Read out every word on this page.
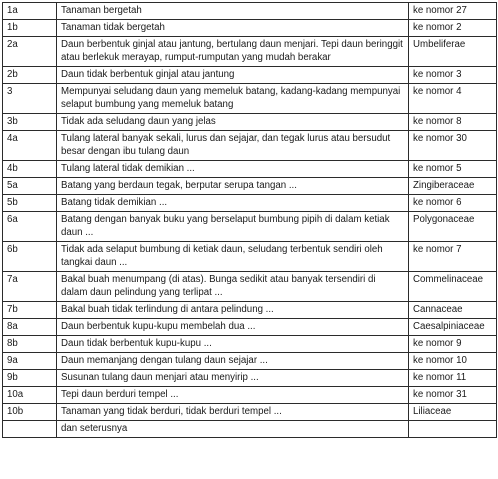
1a	Tanaman bergetah	ke nomor 27
1b	Tanaman tidak bergetah	ke nomor 2
2a	Daun berbentuk ginjal atau jantung, bertulang daun menjari. Tepi daun beringgit atau berlekuk merayap, rumput-rumputan yang mudah berakar	Umbeliferae
2b	Daun tidak berbentuk ginjal atau jantung	ke nomor 3
3	Mempunyai seludang daun yang memeluk batang, kadang-kadang mempunyai selaput bumbung yang memeluk batang	ke nomor 4
3b	Tidak ada seludang daun yang jelas	ke nomor 8
4a	Tulang lateral banyak sekali, lurus dan sejajar, dan tegak lurus atau bersudut besar dengan ibu tulang daun	ke nomor 30
4b	Tulang lateral tidak demikian ...	ke nomor 5
5a	Batang yang berdaun tegak, berputar serupa tangan ...	Zingiberaceae
5b	Batang tidak demikian ...	ke nomor 6
6a	Batang dengan banyak buku yang berselaput bumbung pipih di dalam ketiak daun ...	Polygonaceae
6b	Tidak ada selaput bumbung di ketiak daun, seludang terbentuk sendiri oleh tangkai daun ...	ke nomor 7
7a	Bakal buah menumpang (di atas). Bunga sedikit atau banyak tersendiri di dalam daun pelindung yang terlipat ...	Commelinaceae
7b	Bakal buah tidak terlindung di antara pelindung ...	Cannaceae
8a	Daun berbentuk kupu-kupu membelah dua ...	Caesalpiniaceae
8b	Daun tidak berbentuk kupu-kupu ...	ke nomor 9
9a	Daun memanjang dengan tulang daun sejajar ...	ke nomor 10
9b	Susunan tulang daun menjari atau menyirip ...	ke nomor 11
10a	Tepi daun berduri tempel ...	ke nomor 31
10b	Tanaman yang tidak berduri, tidak berduri tempel ...	Liliaceae
	dan seterusnya	
